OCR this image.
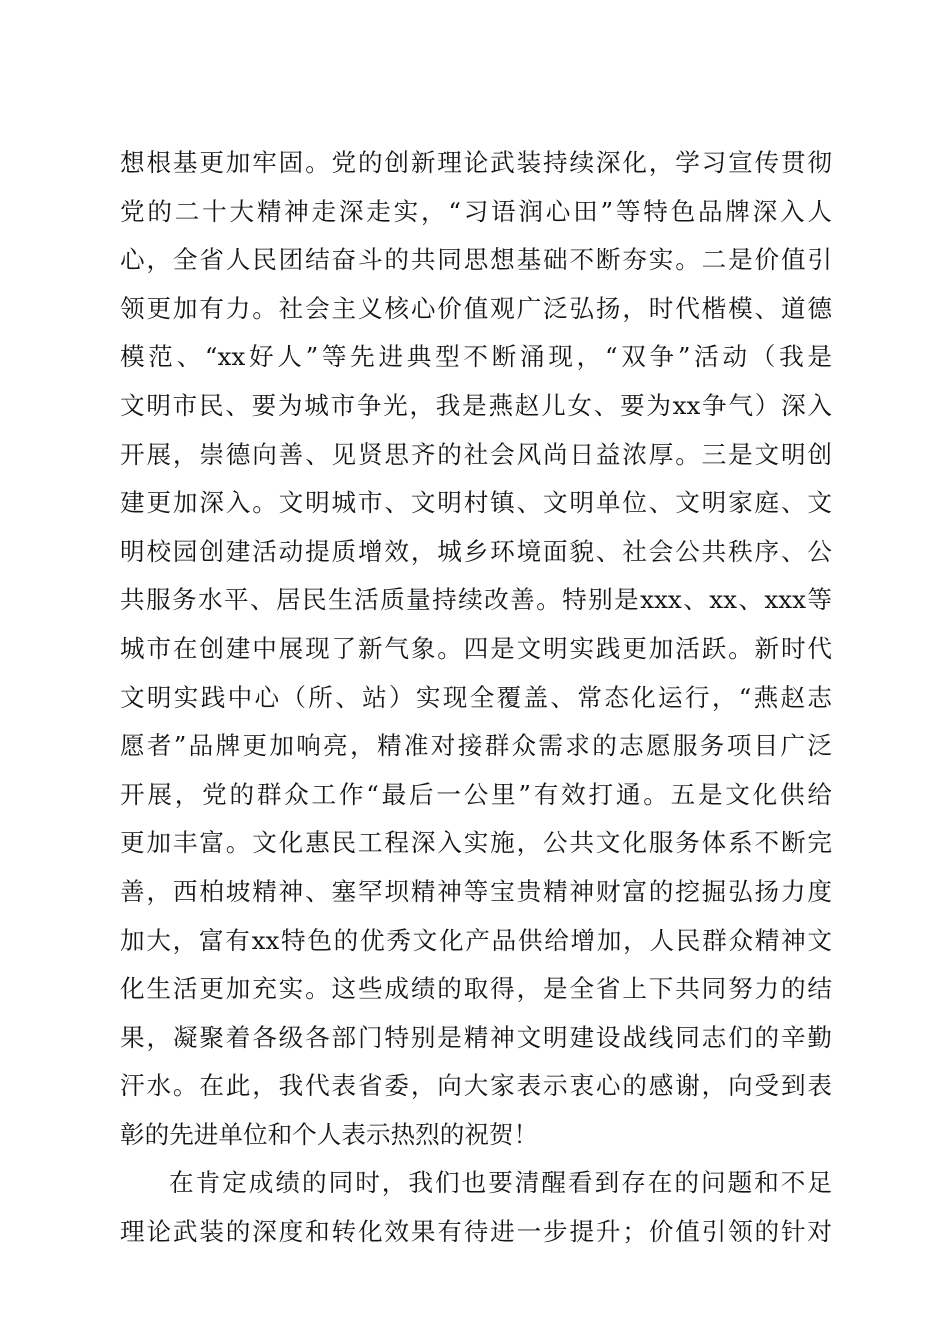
想根基更加牢固。党的创新理论武装持续深化，学习宣传贯彻
党的二十大精神走深走实，“习语润心田”等特色品牌深入人
心，全省人民团结奋斗的共同思想基础不断夯实。二是价值引
领更加有力。社会主义核心价值观广泛弘扬，时代楷模、道德
模范、“xx好人”等先进典型不断涌现，“双争”活动（我是
文明市民、要为城市争光，我是燕赵儿女、要为xx争气）深入
开展，崇德向善、见贤思齐的社会风尚日益浓厚。三是文明创
建更加深入。文明城市、文明村镇、文明单位、文明家庭、文
明校园创建活动提质增效，城乡环境面貌、社会公共秩序、公
共服务水平、居民生活质量持续改善。特别是xxx、xx、xxx等
城市在创建中展现了新气象。四是文明实践更加活跃。新时代
文明实践中心（所、站）实现全覆盖、常态化运行，“燕赵志
愿者”品牌更加响亮，精准对接群众需求的志愿服务项目广泛
开展，党的群众工作“最后一公里”有效打通。五是文化供给
更加丰富。文化惠民工程深入实施，公共文化服务体系不断完
善，西柏坡精神、塞罕坝精神等宝贵精神财富的挖掘弘扬力度
加大，富有xx特色的优秀文化产品供给增加，人民群众精神文
化生活更加充实。这些成绩的取得，是全省上下共同努力的结
果，凝聚着各级各部门特别是精神文明建设战线同志们的辛勤
汗水。在此，我代表省委，向大家表示衷心的感谢，向受到表
彰的先进单位和个人表示热烈的祝贺！
在肯定成绩的同时，我们也要清醒看到存在的问题和不足
理论武装的深度和转化效果有待进一步提升；价值引领的针对
